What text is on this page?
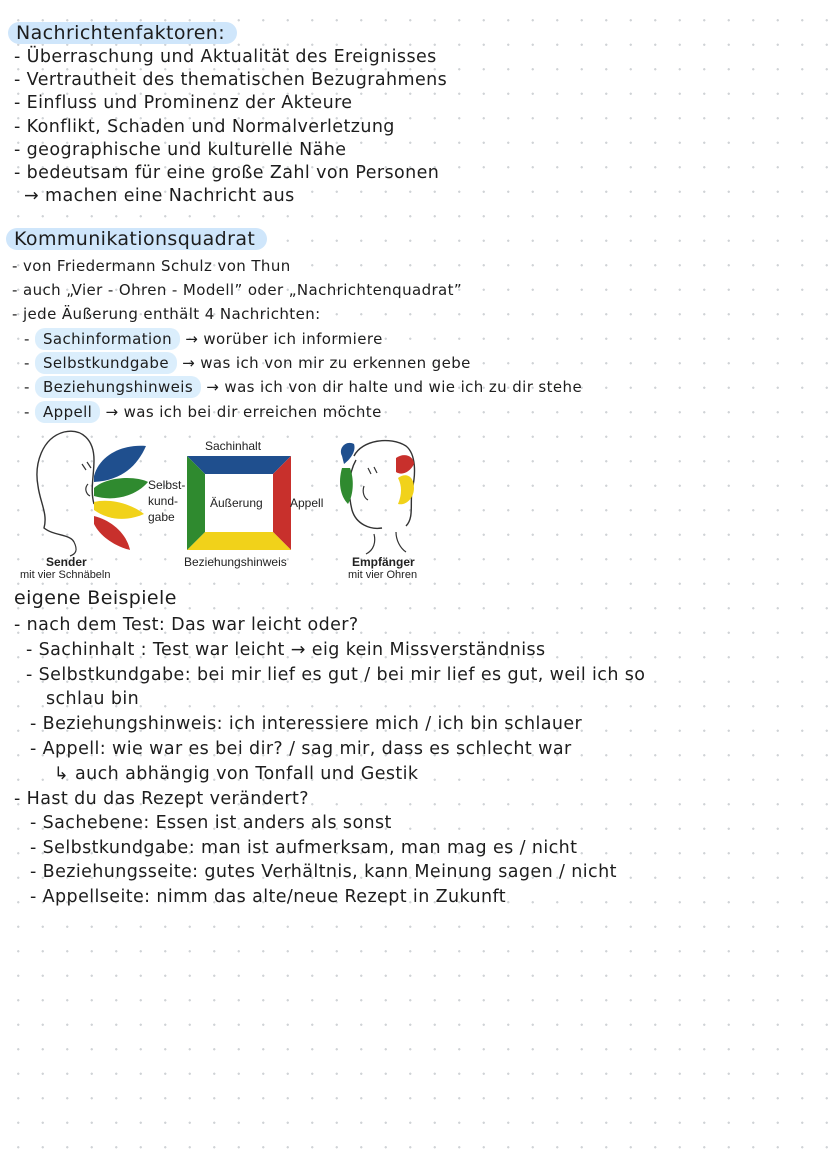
Nachrichtenfaktoren:
- Überraschung und Aktualität des Ereignisses
- Vertrautheit des thematischen Bezugrahmens
- Einfluss und Prominenz der Akteure
- Konflikt, Schaden und Normalverletzung
- geographische und kulturelle Nähe
- bedeutsam für eine große Zahl von Personen
→ machen eine Nachricht aus
Kommunikationsquadrat
- von Friedermann Schulz von Thun
- auch „Vier - Ohren - Modell” oder „Nachrichtenquadrat”
- jede Äußerung enthält 4 Nachrichten:
- Sachinformation → worüber ich informiere
- Selbstkundgabe → was ich von mir zu erkennen gebe
- Beziehungshinweis → was ich von dir halte und wie ich zu dir stehe
- Appell → was ich bei dir erreichen möchte
Selbst-
kund-
gabe
Sachinhalt
Äußerung Appell
Beziehungshinweis
Sender
mit vier Schnäbeln
Empfänger
mit vier Ohren
eigene Beispiele
- nach dem Test: Das war leicht oder?
- Sachinhalt : Test war leicht → eig kein Missverständniss
- Selbstkundgabe: bei mir lief es gut / bei mir lief es gut, weil ich so
schlau bin
- Beziehungshinweis: ich interessiere mich / ich bin schlauer
- Appell: wie war es bei dir? / sag mir, dass es schlecht war
↳ auch abhängig von Tonfall und Gestik
- Hast du das Rezept verändert?
- Sachebene: Essen ist anders als sonst
- Selbstkundgabe: man ist aufmerksam, man mag es / nicht
- Beziehungsseite: gutes Verhältnis, kann Meinung sagen / nicht
- Appellseite: nimm das alte/neue Rezept in Zukunft
